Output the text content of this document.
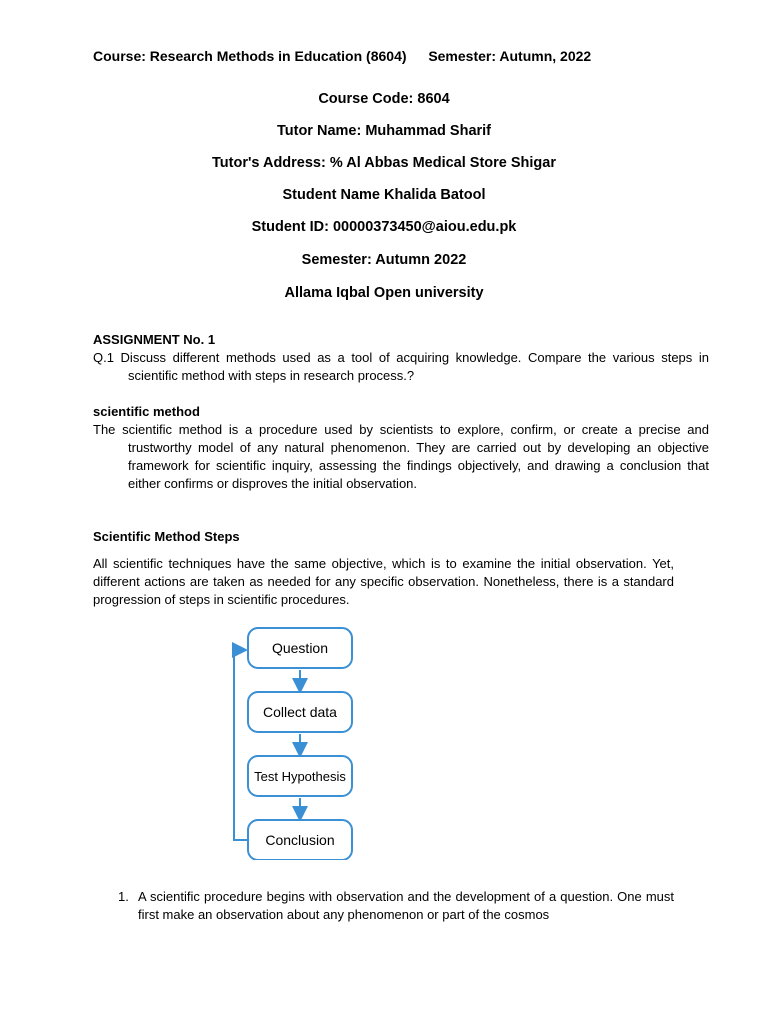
Course: Research Methods in Education (8604) Semester: Autumn, 2022
Course Code: 8604
Tutor Name: Muhammad Sharif
Tutor's Address: % Al Abbas Medical Store Shigar
Student Name Khalida Batool
Student ID: 00000373450@aiou.edu.pk
Semester: Autumn 2022
Allama Iqbal Open university
ASSIGNMENT No. 1
Q.1 Discuss different methods used as a tool of acquiring knowledge. Compare the various steps in scientific method with steps in research process.?
scientific method
The scientific method is a procedure used by scientists to explore, confirm, or create a precise and trustworthy model of any natural phenomenon. They are carried out by developing an objective framework for scientific inquiry, assessing the findings objectively, and drawing a conclusion that either confirms or disproves the initial observation.
Scientific Method Steps
All scientific techniques have the same objective, which is to examine the initial observation. Yet, different actions are taken as needed for any specific observation. Nonetheless, there is a standard progression of steps in scientific procedures.
Question
Collect data
Test Hypothesis
Conclusion
1. A scientific procedure begins with observation and the development of a question. One must first make an observation about any phenomenon or part of the cosmos
